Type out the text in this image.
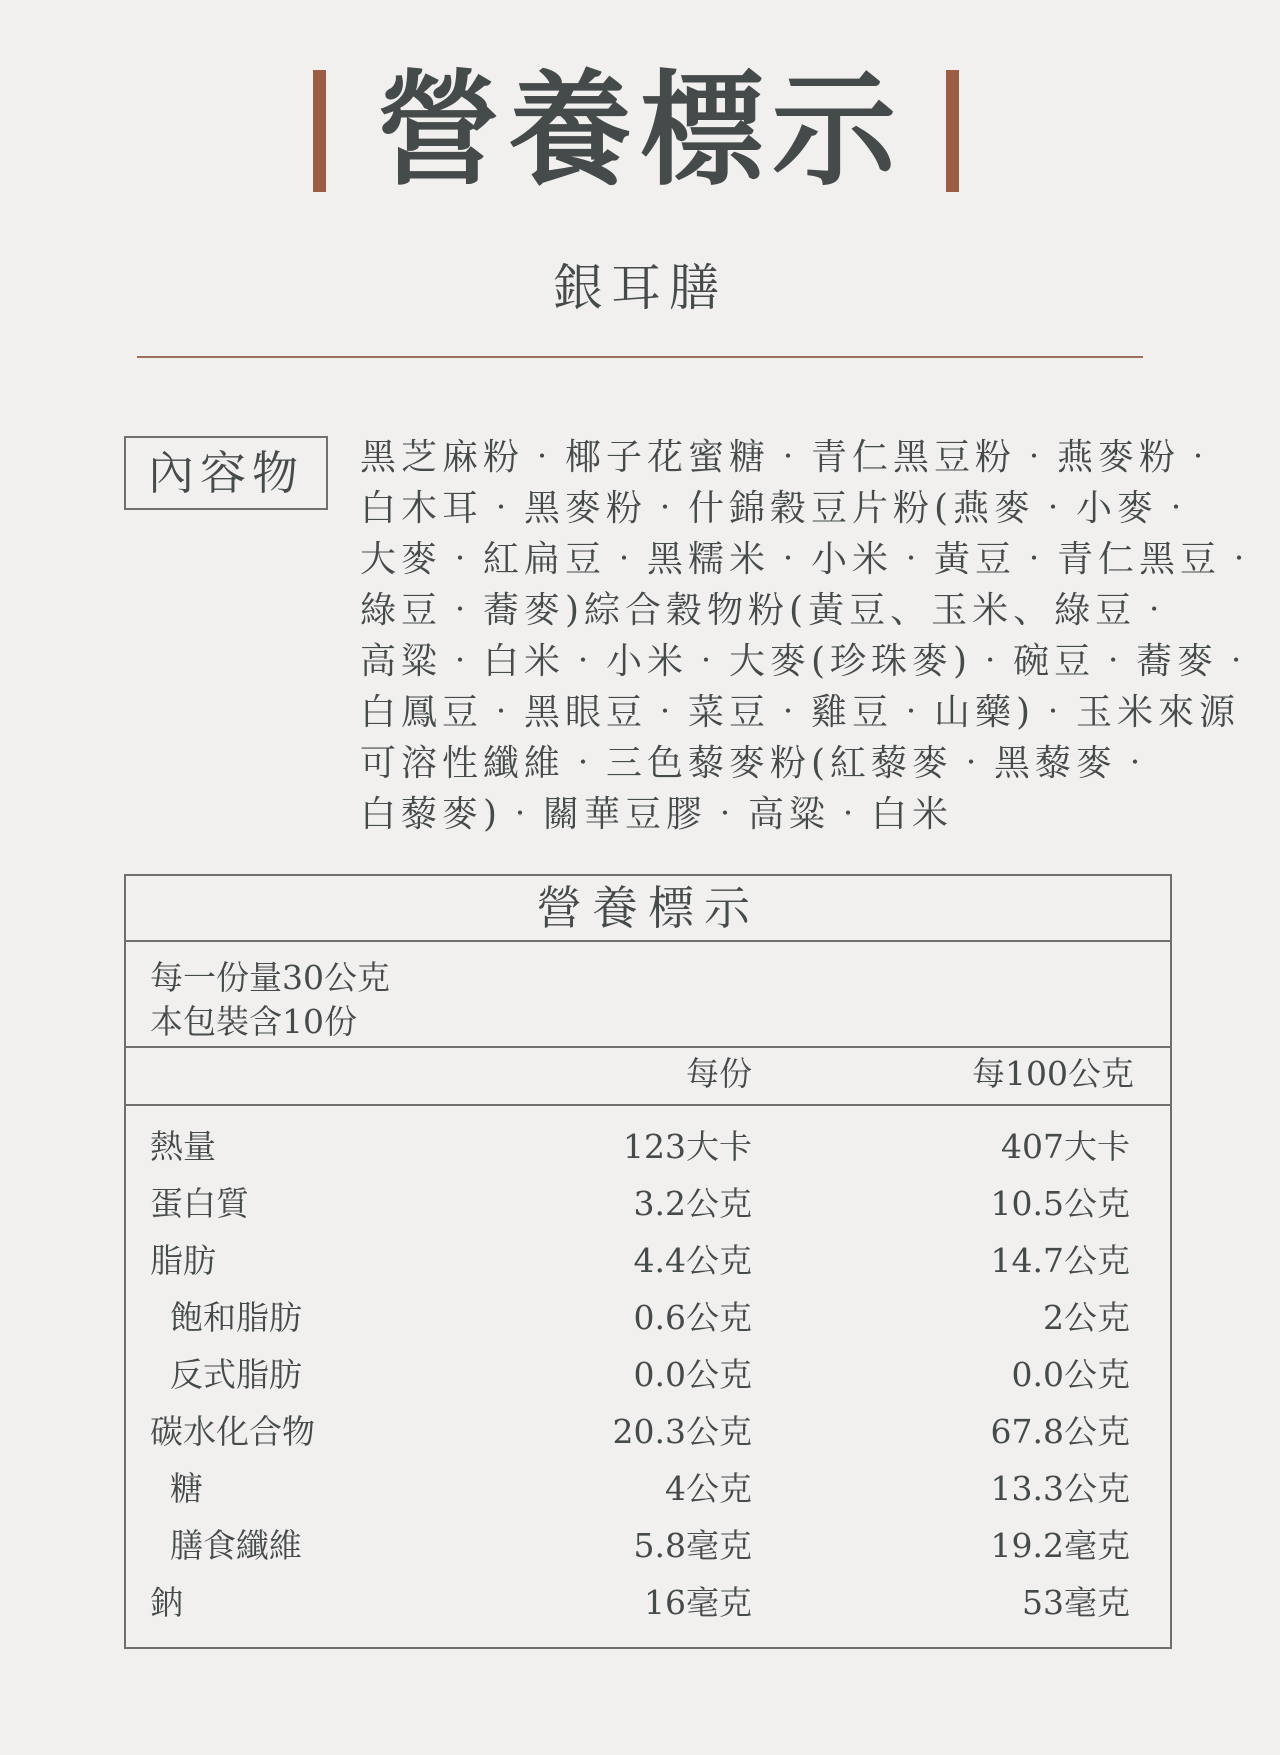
營養標示
銀耳膳
內容物	黑芝麻粉‧椰子花蜜糖‧青仁黑豆粉‧燕麥粉‧
白木耳‧黑麥粉‧什錦穀豆片粉(燕麥‧小麥‧
大麥‧紅扁豆‧黑糯米‧小米‧黃豆‧青仁黑豆‧
綠豆‧蕎麥)綜合穀物粉(黃豆、玉米、綠豆‧
高粱‧白米‧小米‧大麥(珍珠麥)‧碗豆‧蕎麥‧
白鳳豆‧黑眼豆‧菜豆‧雞豆‧山藥)‧玉米來源
可溶性纖維‧三色藜麥粉(紅藜麥‧黑藜麥‧
白藜麥)‧關華豆膠‧高粱‧白米
營養標示
每一份量30公克
本包裝含10份
每份	每100公克
熱量	123大卡	407大卡
蛋白質	3.2公克	10.5公克
脂肪	4.4公克	14.7公克
飽和脂肪	0.6公克	2公克
反式脂肪	0.0公克	0.0公克
碳水化合物	20.3公克	67.8公克
糖	4公克	13.3公克
膳食纖維	5.8毫克	19.2毫克
鈉	16毫克	53毫克
